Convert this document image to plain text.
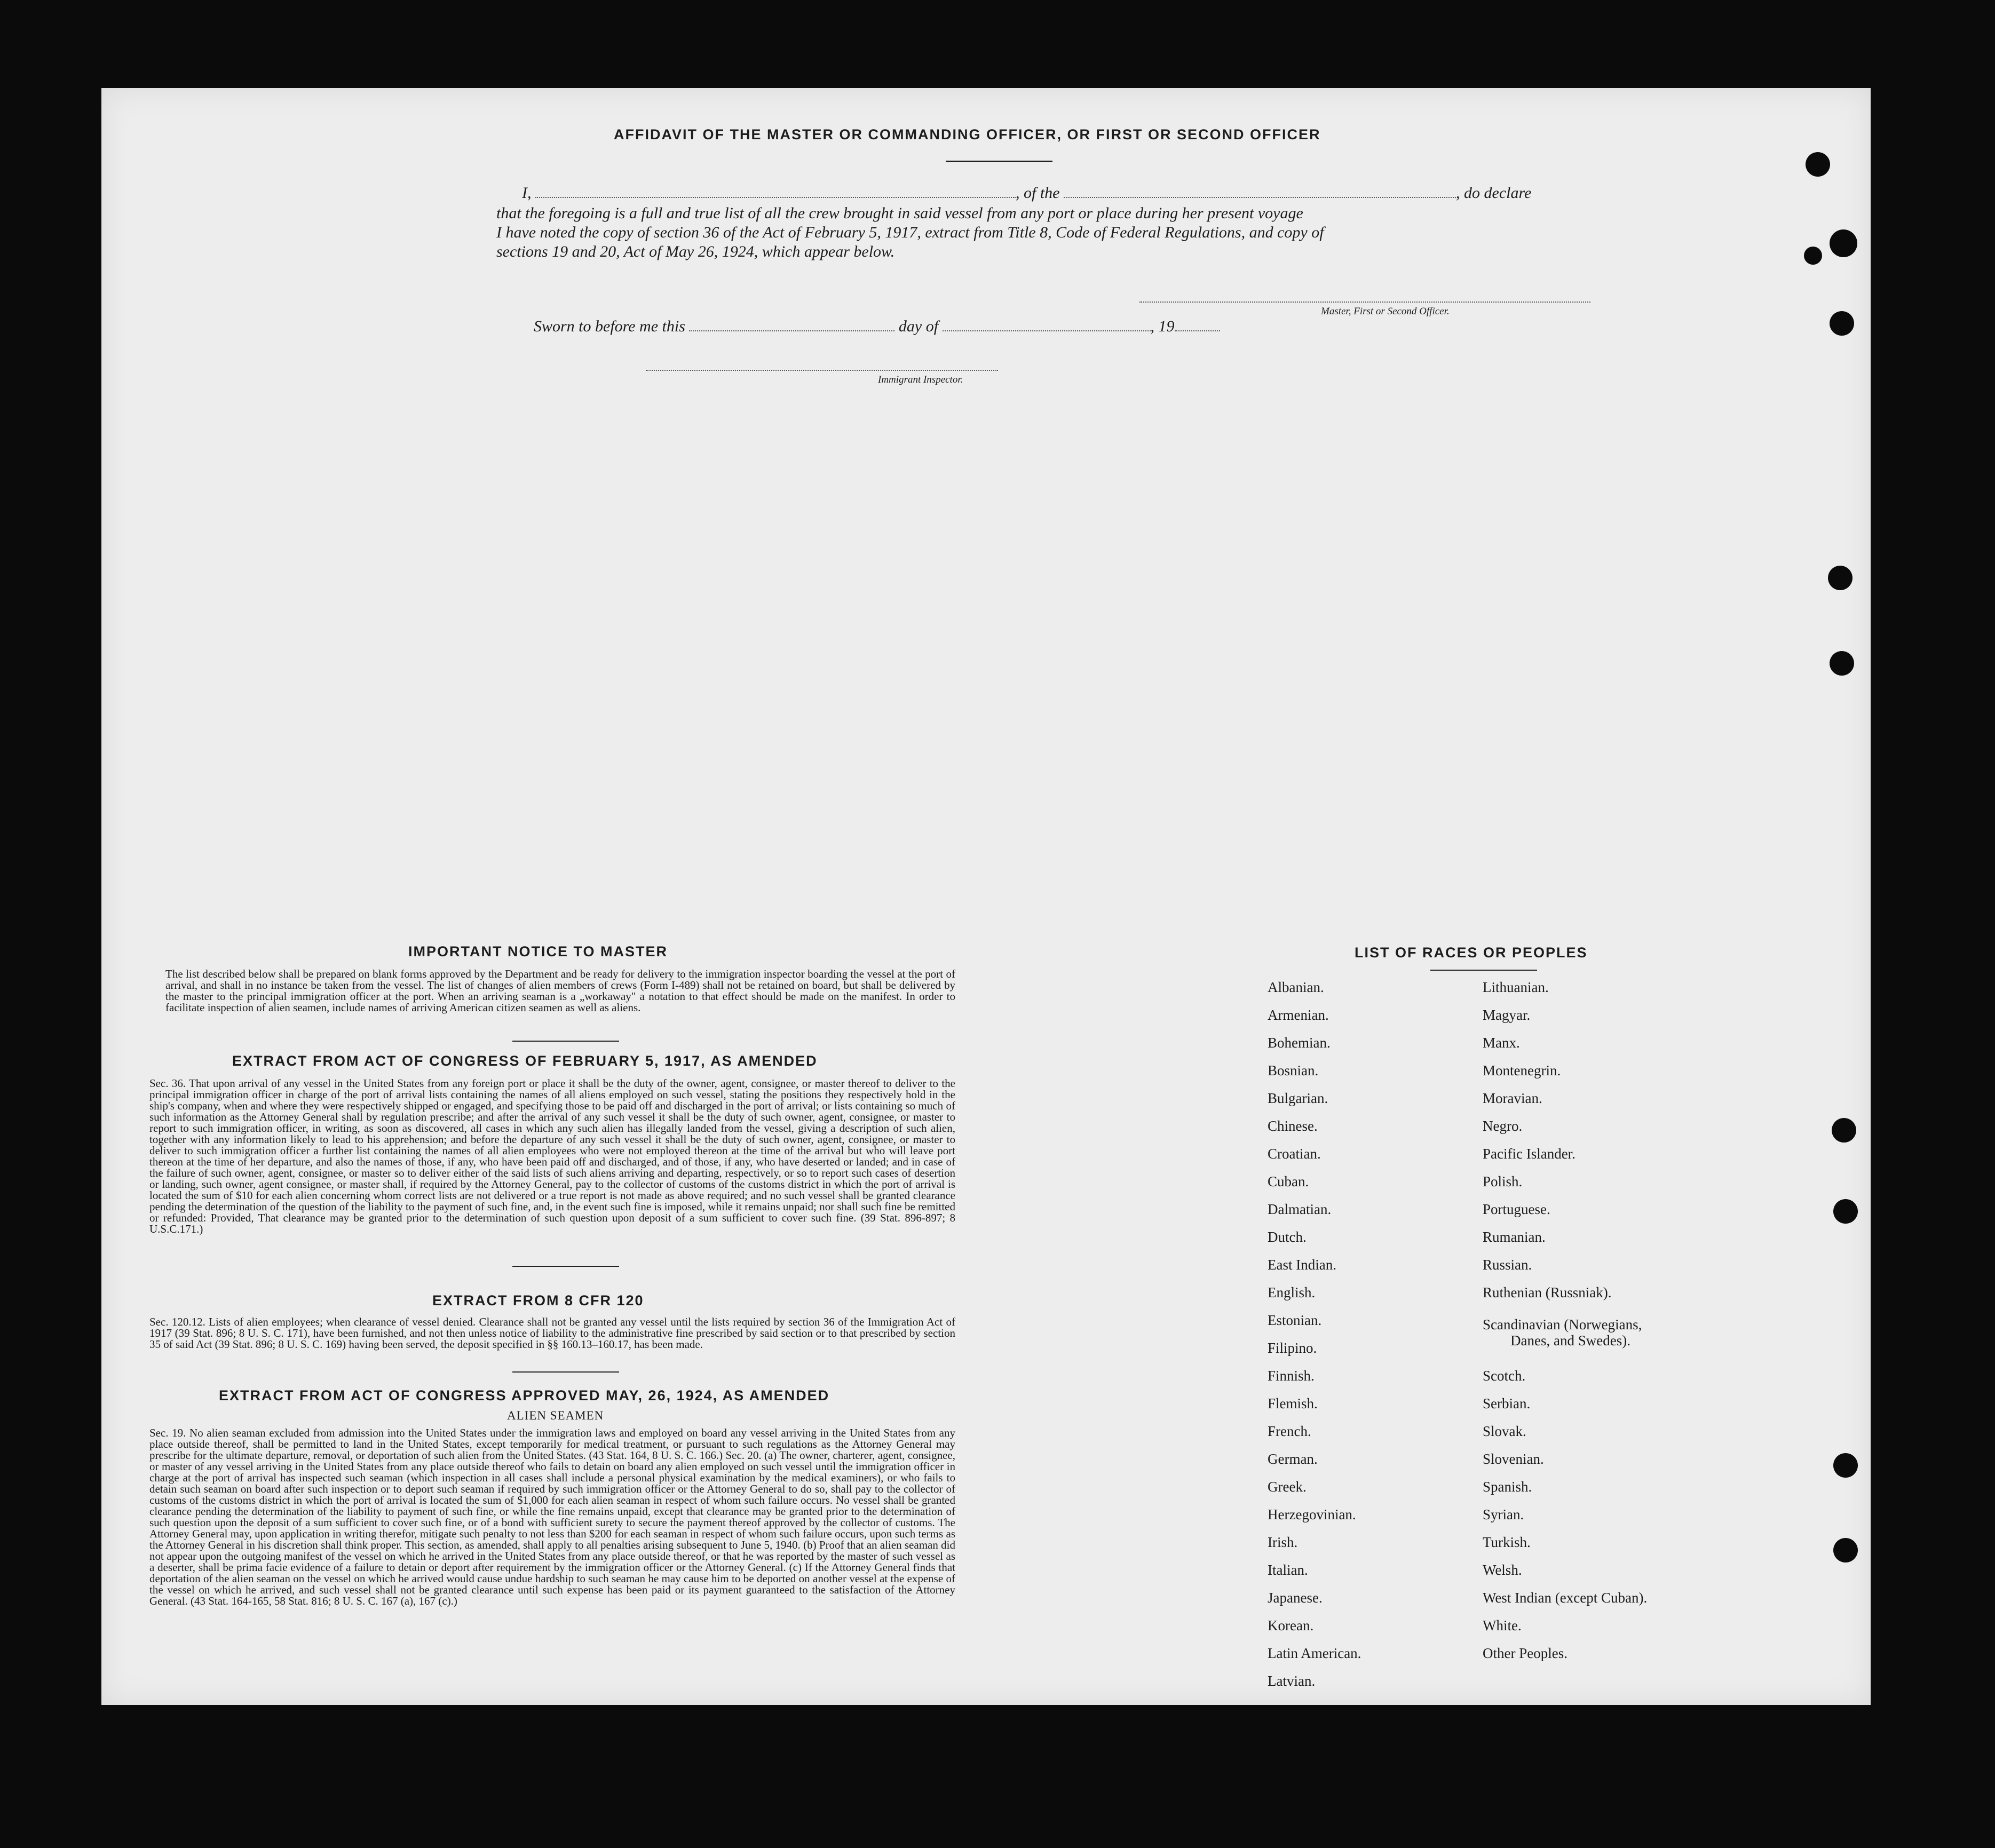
AFFIDAVIT OF THE MASTER OR COMMANDING OFFICER, OR FIRST OR SECOND OFFICER
I,	, of the	, do declare
that the foregoing is a full and true list of all the crew brought in said vessel from any port or place during her present voyage
I have noted the copy of section 36 of the Act of February 5, 1917, extract from Title 8, Code of Federal Regulations, and copy of
sections 19 and 20, Act of May 26, 1924, which appear below.
Master, First or Second Officer.
Sworn to before me this	day of	, 19
Immigrant Inspector.
IMPORTANT NOTICE TO MASTER
The list described below shall be prepared on blank forms approved by the Department and be ready for delivery to the immigration inspector boarding the vessel at the port of arrival, and shall in no instance be taken from the vessel. The list of changes of alien members of crews (Form I-489) shall not be retained on board, but shall be delivered by the master to the principal immigration officer at the port. When an arriving seaman is a „workaway" a notation to that effect should be made on the manifest. In order to facilitate inspection of alien seamen, include names of arriving American citizen seamen as well as aliens.
EXTRACT FROM ACT OF CONGRESS OF FEBRUARY 5, 1917, AS AMENDED
Sec. 36. That upon arrival of any vessel in the United States from any foreign port or place it shall be the duty of the owner, agent, consignee, or master thereof to deliver to the principal immigration officer in charge of the port of arrival lists containing the names of all aliens employed on such vessel, stating the positions they respectively hold in the ship's company, when and where they were respectively shipped or engaged, and specifying those to be paid off and discharged in the port of arrival; or lists containing so much of such information as the Attorney General shall by regulation prescribe; and after the arrival of any such vessel it shall be the duty of such owner, agent, consignee, or master to report to such immigration officer, in writing, as soon as discovered, all cases in which any such alien has illegally landed from the vessel, giving a description of such alien, together with any information likely to lead to his apprehension; and before the departure of any such vessel it shall be the duty of such owner, agent, consignee, or master to deliver to such immigration officer a further list containing the names of all alien employees who were not employed thereon at the time of the arrival but who will leave port thereon at the time of her departure, and also the names of those, if any, who have been paid off and discharged, and of those, if any, who have deserted or landed; and in case of the failure of such owner, agent, consignee, or master so to deliver either of the said lists of such aliens arriving and departing, respectively, or so to report such cases of desertion or landing, such owner, agent consignee, or master shall, if required by the Attorney General, pay to the collector of customs of the customs district in which the port of arrival is located the sum of $10 for each alien concerning whom correct lists are not delivered or a true report is not made as above required; and no such vessel shall be granted clearance pending the determination of the question of the liability to the payment of such fine, and, in the event such fine is imposed, while it remains unpaid; nor shall such fine be remitted or refunded: Provided, That clearance may be granted prior to the determination of such question upon deposit of a sum sufficient to cover such fine. (39 Stat. 896-897; 8 U.S.C.171.)
EXTRACT FROM 8 CFR 120
Sec. 120.12. Lists of alien employees; when clearance of vessel denied. Clearance shall not be granted any vessel until the lists required by section 36 of the Immigration Act of 1917 (39 Stat. 896; 8 U. S. C. 171), have been furnished, and not then unless notice of liability to the administrative fine prescribed by said section or to that prescribed by section 35 of said Act (39 Stat. 896; 8 U. S. C. 169) having been served, the deposit specified in §§ 160.13–160.17, has been made.
EXTRACT FROM ACT OF CONGRESS APPROVED MAY, 26, 1924, AS AMENDED
ALIEN SEAMEN
Sec. 19. No alien seaman excluded from admission into the United States under the immigration laws and employed on board any vessel arriving in the United States from any place outside thereof, shall be permitted to land in the United States, except temporarily for medical treatment, or pursuant to such regulations as the Attorney General may prescribe for the ultimate departure, removal, or deportation of such alien from the United States. (43 Stat. 164, 8 U. S. C. 166.) Sec. 20. (a) The owner, charterer, agent, consignee, or master of any vessel arriving in the United States from any place outside thereof who fails to detain on board any alien employed on such vessel until the immigration officer in charge at the port of arrival has inspected such seaman (which inspection in all cases shall include a personal physical examination by the medical examiners), or who fails to detain such seaman on board after such inspection or to deport such seaman if required by such immigration officer or the Attorney General to do so, shall pay to the collector of customs of the customs district in which the port of arrival is located the sum of $1,000 for each alien seaman in respect of whom such failure occurs. No vessel shall be granted clearance pending the determination of the liability to payment of such fine, or while the fine remains unpaid, except that clearance may be granted prior to the determination of such question upon the deposit of a sum sufficient to cover such fine, or of a bond with sufficient surety to secure the payment thereof approved by the collector of customs. The Attorney General may, upon application in writing therefor, mitigate such penalty to not less than $200 for each seaman in respect of whom such failure occurs, upon such terms as the Attorney General in his discretion shall think proper. This section, as amended, shall apply to all penalties arising subsequent to June 5, 1940. (b) Proof that an alien seaman did not appear upon the outgoing manifest of the vessel on which he arrived in the United States from any place outside thereof, or that he was reported by the master of such vessel as a deserter, shall be prima facie evidence of a failure to detain or deport after requirement by the immigration officer or the Attorney General. (c) If the Attorney General finds that deportation of the alien seaman on the vessel on which he arrived would cause undue hardship to such seaman he may cause him to be deported on another vessel at the expense of the vessel on which he arrived, and such vessel shall not be granted clearance until such expense has been paid or its payment guaranteed to the satisfaction of the Attorney General. (43 Stat. 164-165, 58 Stat. 816; 8 U. S. C. 167 (a), 167 (c).)
LIST OF RACES OR PEOPLES
Albanian.
Armenian.
Bohemian.
Bosnian.
Bulgarian.
Chinese.
Croatian.
Cuban.
Dalmatian.
Dutch.
East Indian.
English.
Estonian.
Filipino.
Finnish.
Flemish.
French.
German.
Greek.
Herzegovinian.
Irish.
Italian.
Japanese.
Korean.
Latin American.
Latvian.
Lithuanian.
Magyar.
Manx.
Montenegrin.
Moravian.
Negro.
Pacific Islander.
Polish.
Portuguese.
Rumanian.
Russian.
Ruthenian (Russniak).
Scandinavian (Norwegians,
Danes, and Swedes).
Scotch.
Serbian.
Slovak.
Slovenian.
Spanish.
Syrian.
Turkish.
Welsh.
West Indian (except Cuban).
White.
Other Peoples.
